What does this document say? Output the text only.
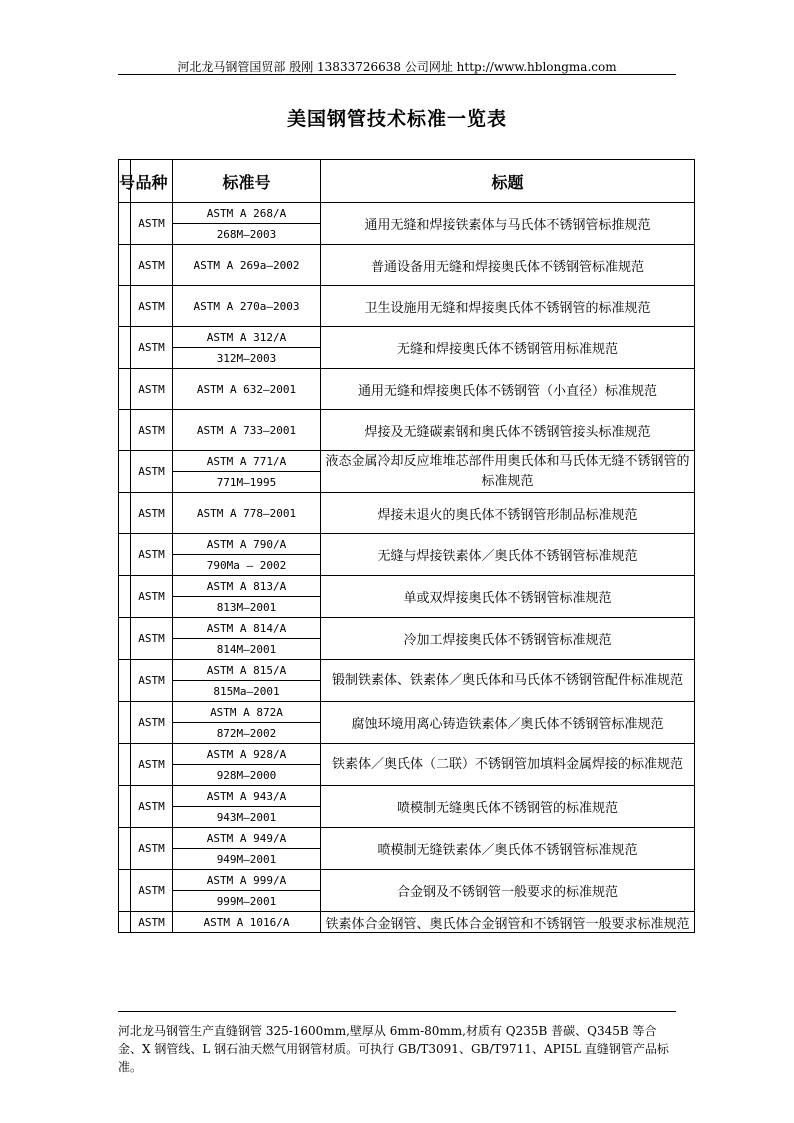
河北龙马钢管国贸部 殷刚 13833726638 公司网址 http://www.hblongma.com
美国钢管技术标准一览表
号	品种	标准号	标题
	ASTM	ASTM A 268/A	通用无缝和焊接铁素体与马氏体不锈钢管标推规范
		268M—2003	
	ASTM	ASTM A 269a—2002	普通设备用无缝和焊接奥氏体不锈钢管标准规范
	ASTM	ASTM A 270a—2003	卫生设施用无缝和焊接奥氏体不锈钢管的标准规范
	ASTM	ASTM A 312/A	无缝和焊接奥氏体不锈钢管用标准规范
		312M—2003	
	ASTM	ASTM A 632—2001	通用无缝和焊接奥氏体不锈钢管（小直径）标准规范
	ASTM	ASTM A 733—2001	焊接及无缝碳素钢和奥氏体不锈钢管接头标准规范
	ASTM	ASTM A 771/A	液态金属冷却反应堆堆芯部件用奥氏体和马氏体无缝不锈钢管的标准规范
		771M—1995	
	ASTM	ASTM A 778—2001	焊接未退火的奥氏体不锈钢管形制品标准规范
	ASTM	ASTM A 790/A	无缝与焊接铁素体／奥氏体不锈钢管标准规范
		790Ma — 2002	
	ASTM	ASTM A 813/A	单或双焊接奥氏体不锈钢管标准规范
		813M—2001	
	ASTM	ASTM A 814/A	冷加工焊接奥氏体不锈钢管标准规范
		814M—2001	
	ASTM	ASTM A 815/A	锻制铁素体、铁素体／奥氏体和马氏体不锈钢管配件标准规范
		815Ma—2001	
	ASTM	ASTM A 872A	腐蚀环境用离心铸造铁素体／奥氏体不锈钢管标准规范
		872M—2002	
	ASTM	ASTM A 928/A	铁素体／奥氏体（二联）不锈钢管加填料金属焊接的标准规范
		928M—2000	
	ASTM	ASTM A 943/A	喷模制无缝奥氏体不锈钢管的标准规范
		943M—2001	
	ASTM	ASTM A 949/A	喷模制无缝铁素体／奥氏体不锈钢管标准规范
		949M—2001	
	ASTM	ASTM A 999/A	合金钢及不锈钢管一般要求的标准规范
		999M—2001	
	ASTM	ASTM A 1016/A	铁素体合金钢管、奥氏体合金钢管和不锈钢管一般要求标准规范
河北龙马钢管生产直缝钢管 325-1600mm,壁厚从 6mm-80mm,材质有 Q235B 普碳、Q345B 等合金、X 钢管线、L 钢石油天燃气用钢管材质。可执行 GB/T3091、GB/T9711、API5L 直缝钢管产品标准。
